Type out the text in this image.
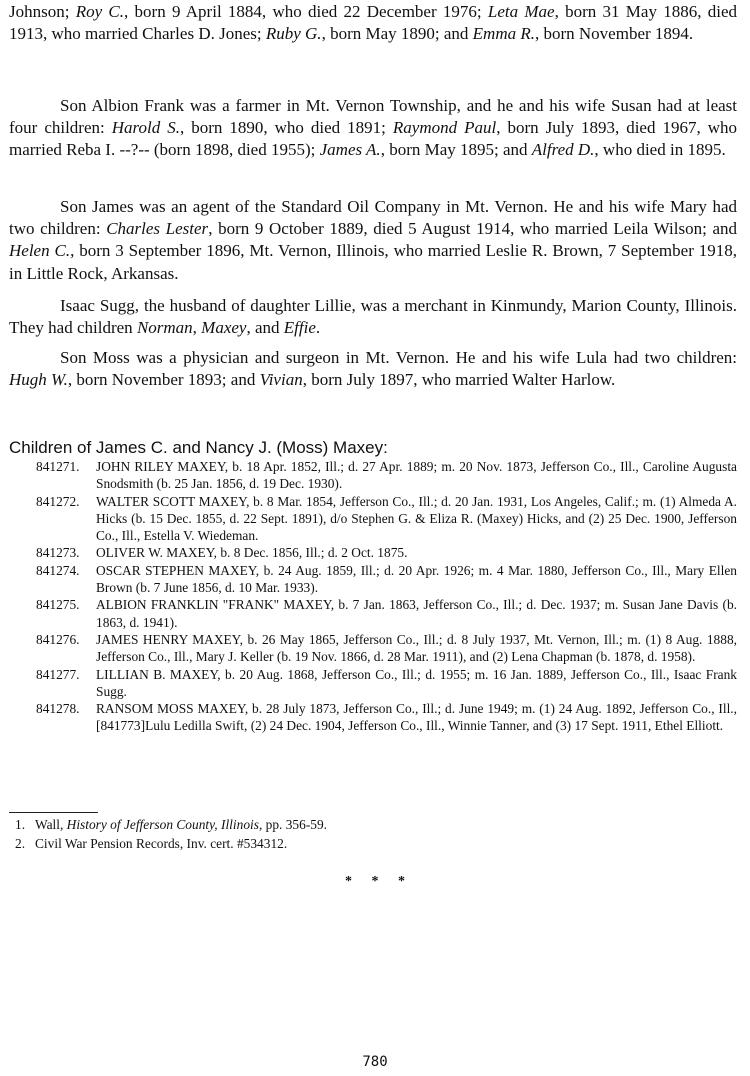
Johnson; Roy C., born 9 April 1884, who died 22 December 1976; Leta Mae, born 31 May 1886, died 1913, who married Charles D. Jones; Ruby G., born May 1890; and Emma R., born November 1894.

Son Albion Frank was a farmer in Mt. Vernon Township, and he and his wife Susan had at least four children: Harold S., born 1890, who died 1891; Raymond Paul, born July 1893, died 1967, who married Reba I. --?-- (born 1898, died 1955); James A., born May 1895; and Alfred D., who died in 1895.

Son James was an agent of the Standard Oil Company in Mt. Vernon. He and his wife Mary had two children: Charles Lester, born 9 October 1889, died 5 August 1914, who married Leila Wilson; and Helen C., born 3 September 1896, Mt. Vernon, Illinois, who married Leslie R. Brown, 7 September 1918, in Little Rock, Arkansas.

Isaac Sugg, the husband of daughter Lillie, was a merchant in Kinmundy, Marion County, Illinois. They had children Norman, Maxey, and Effie.

Son Moss was a physician and surgeon in Mt. Vernon. He and his wife Lula had two children: Hugh W., born November 1893; and Vivian, born July 1897, who married Walter Harlow.

Children of James C. and Nancy J. (Moss) Maxey:

841271. JOHN RILEY MAXEY, b. 18 Apr. 1852, Ill.; d. 27 Apr. 1889; m. 20 Nov. 1873, Jefferson Co., Ill., Caroline Augusta Snodsmith (b. 25 Jan. 1856, d. 19 Dec. 1930).
841272. WALTER SCOTT MAXEY, b. 8 Mar. 1854, Jefferson Co., Ill.; d. 20 Jan. 1931, Los Angeles, Calif.; m. (1) Almeda A. Hicks (b. 15 Dec. 1855, d. 22 Sept. 1891), d/o Stephen G. & Eliza R. (Maxey) Hicks, and (2) 25 Dec. 1900, Jefferson Co., Ill., Estella V. Wiedeman.
841273. OLIVER W. MAXEY, b. 8 Dec. 1856, Ill.; d. 2 Oct. 1875.
841274. OSCAR STEPHEN MAXEY, b. 24 Aug. 1859, Ill.; d. 20 Apr. 1926; m. 4 Mar. 1880, Jefferson Co., Ill., Mary Ellen Brown (b. 7 June 1856, d. 10 Mar. 1933).
841275. ALBION FRANKLIN "FRANK" MAXEY, b. 7 Jan. 1863, Jefferson Co., Ill.; d. Dec. 1937; m. Susan Jane Davis (b. 1863, d. 1941).
841276. JAMES HENRY MAXEY, b. 26 May 1865, Jefferson Co., Ill.; d. 8 July 1937, Mt. Vernon, Ill.; m. (1) 8 Aug. 1888, Jefferson Co., Ill., Mary J. Keller (b. 19 Nov. 1866, d. 28 Mar. 1911), and (2) Lena Chapman (b. 1878, d. 1958).
841277. LILLIAN B. MAXEY, b. 20 Aug. 1868, Jefferson Co., Ill.; d. 1955; m. 16 Jan. 1889, Jefferson Co., Ill., Isaac Frank Sugg.
841278. RANSOM MOSS MAXEY, b. 28 July 1873, Jefferson Co., Ill.; d. June 1949; m. (1) 24 Aug. 1892, Jefferson Co., Ill., [841773]Lulu Ledilla Swift, (2) 24 Dec. 1904, Jefferson Co., Ill., Winnie Tanner, and (3) 17 Sept. 1911, Ethel Elliott.
1. Wall, History of Jefferson County, Illinois, pp. 356-59.
2. Civil War Pension Records, Inv. cert. #534312.

* * *

780
